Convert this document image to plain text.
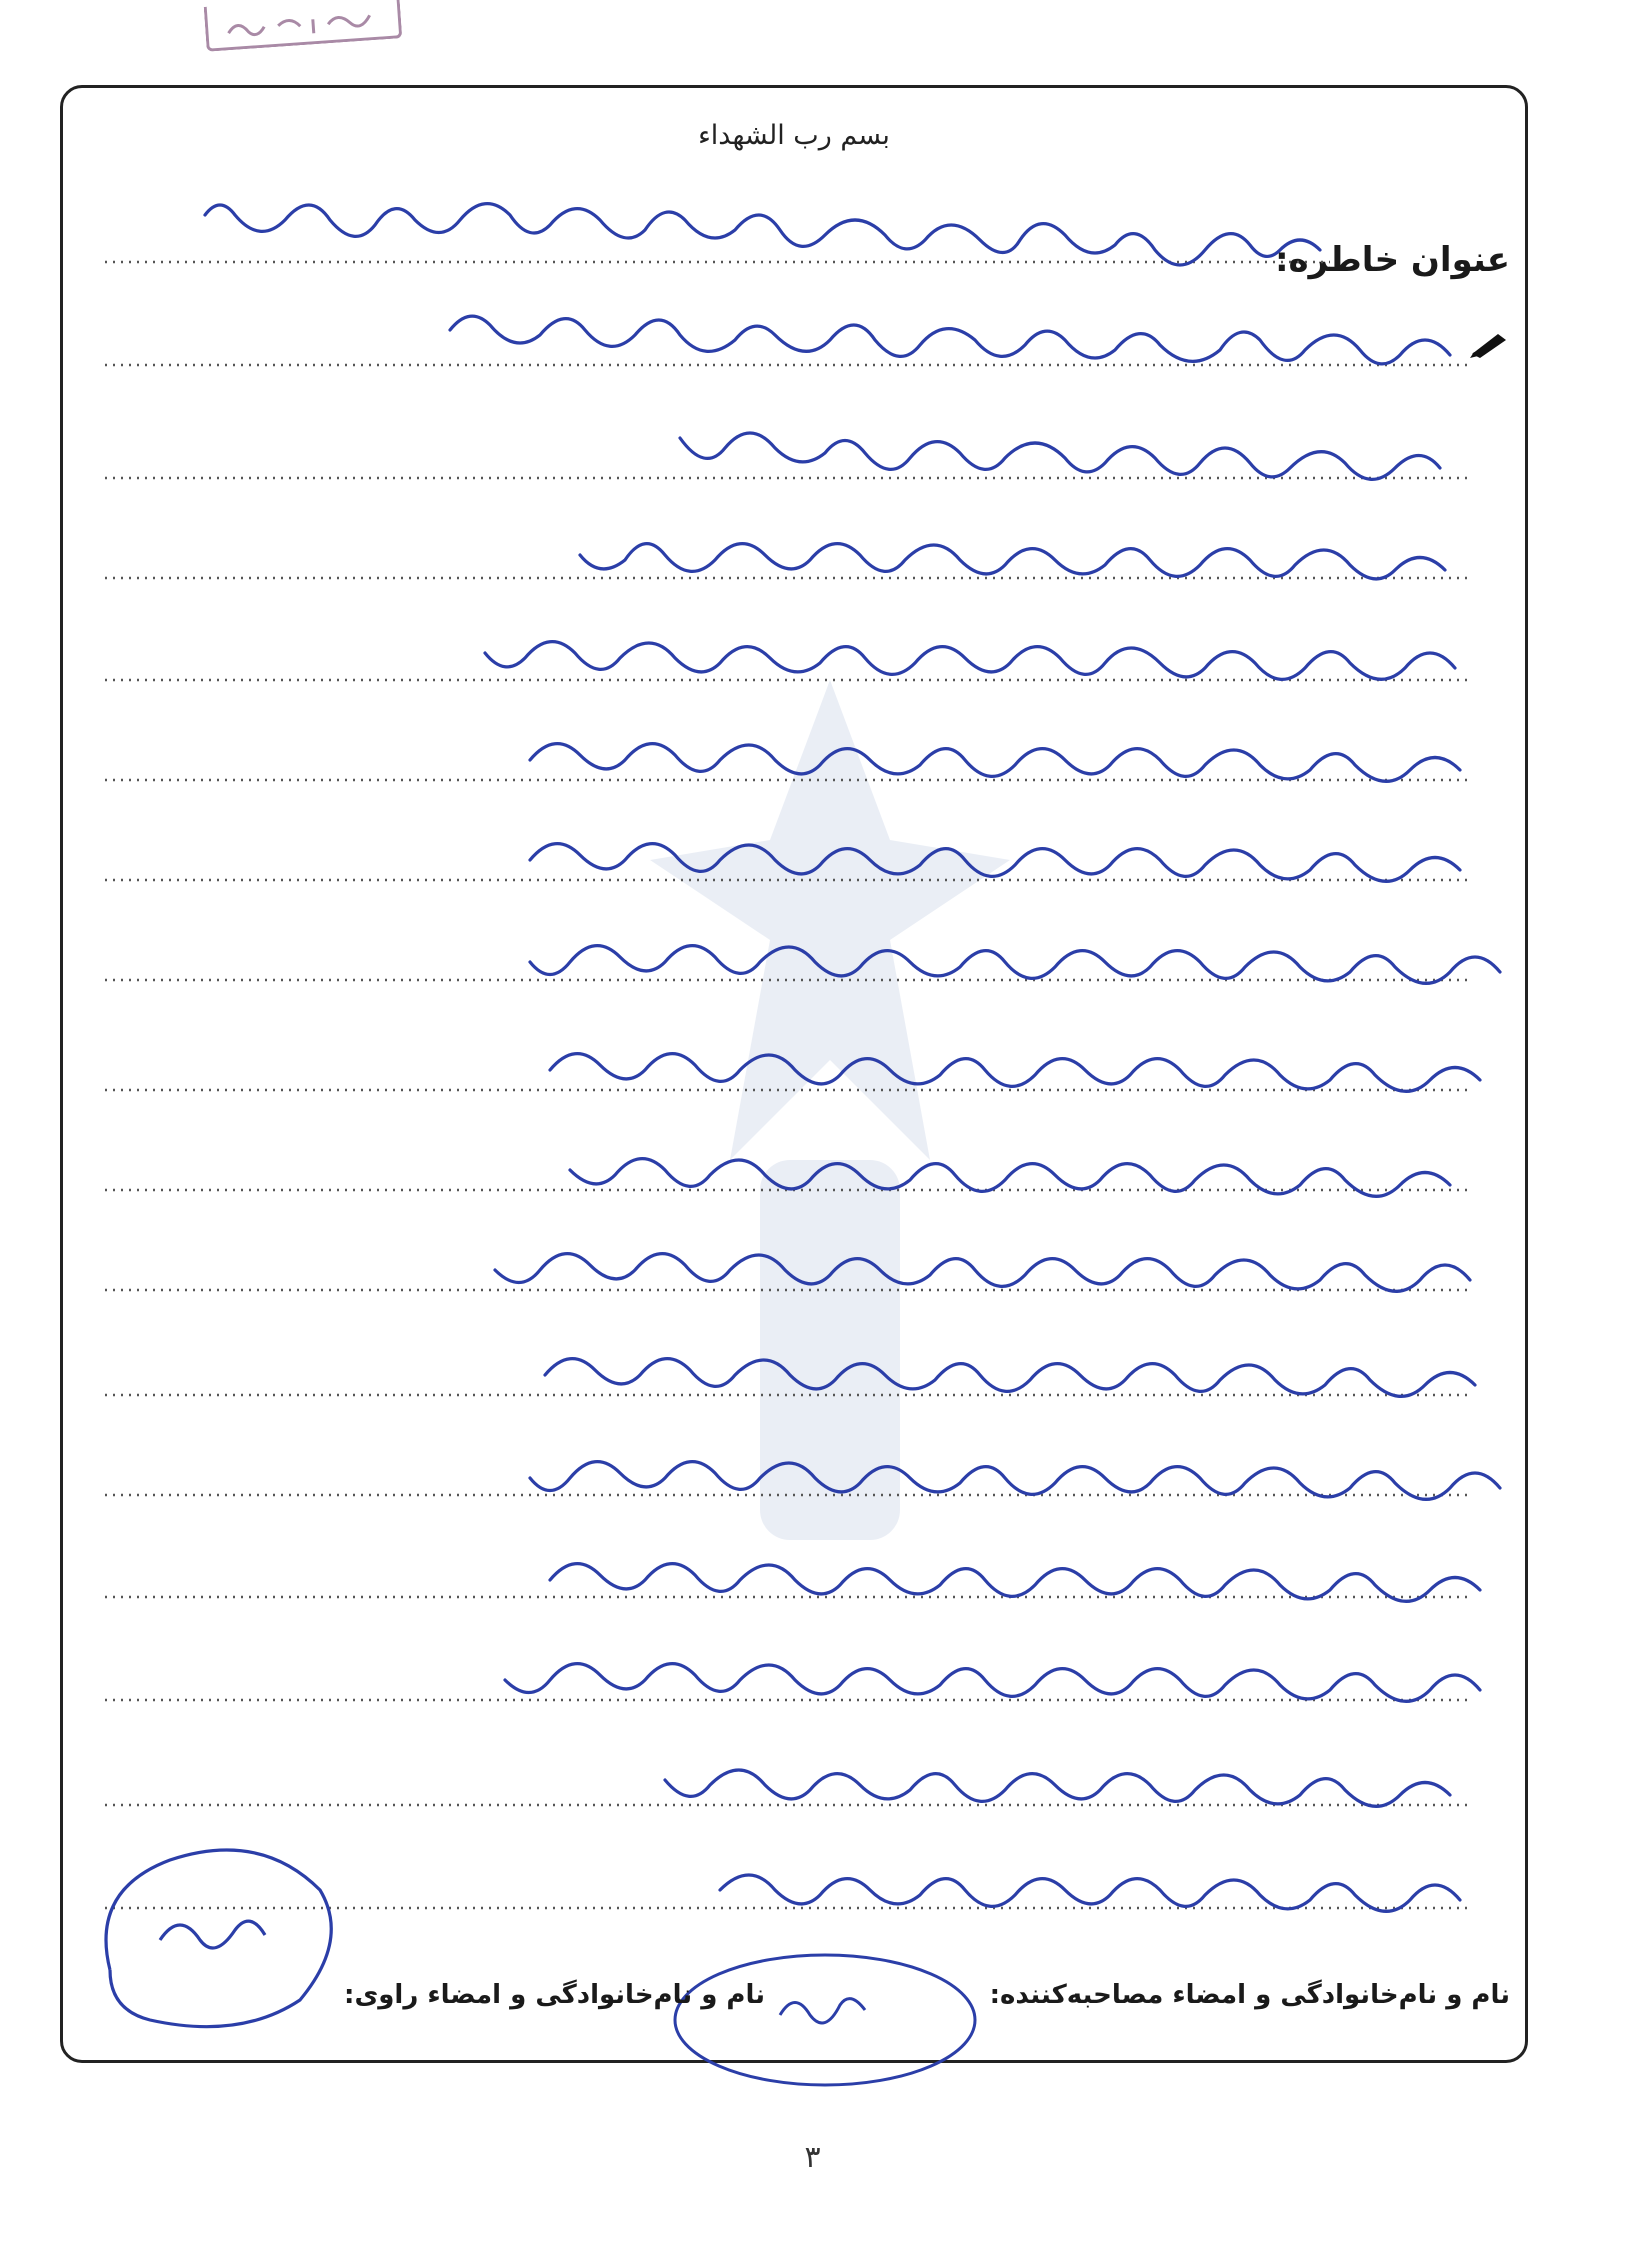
بسم رب الشهداء
عنوان خاطره:
نام و نام‌خانوادگی و امضاء مصاحبه‌کننده:
نام و نام‌خانوادگی و امضاء راوی:
۳
